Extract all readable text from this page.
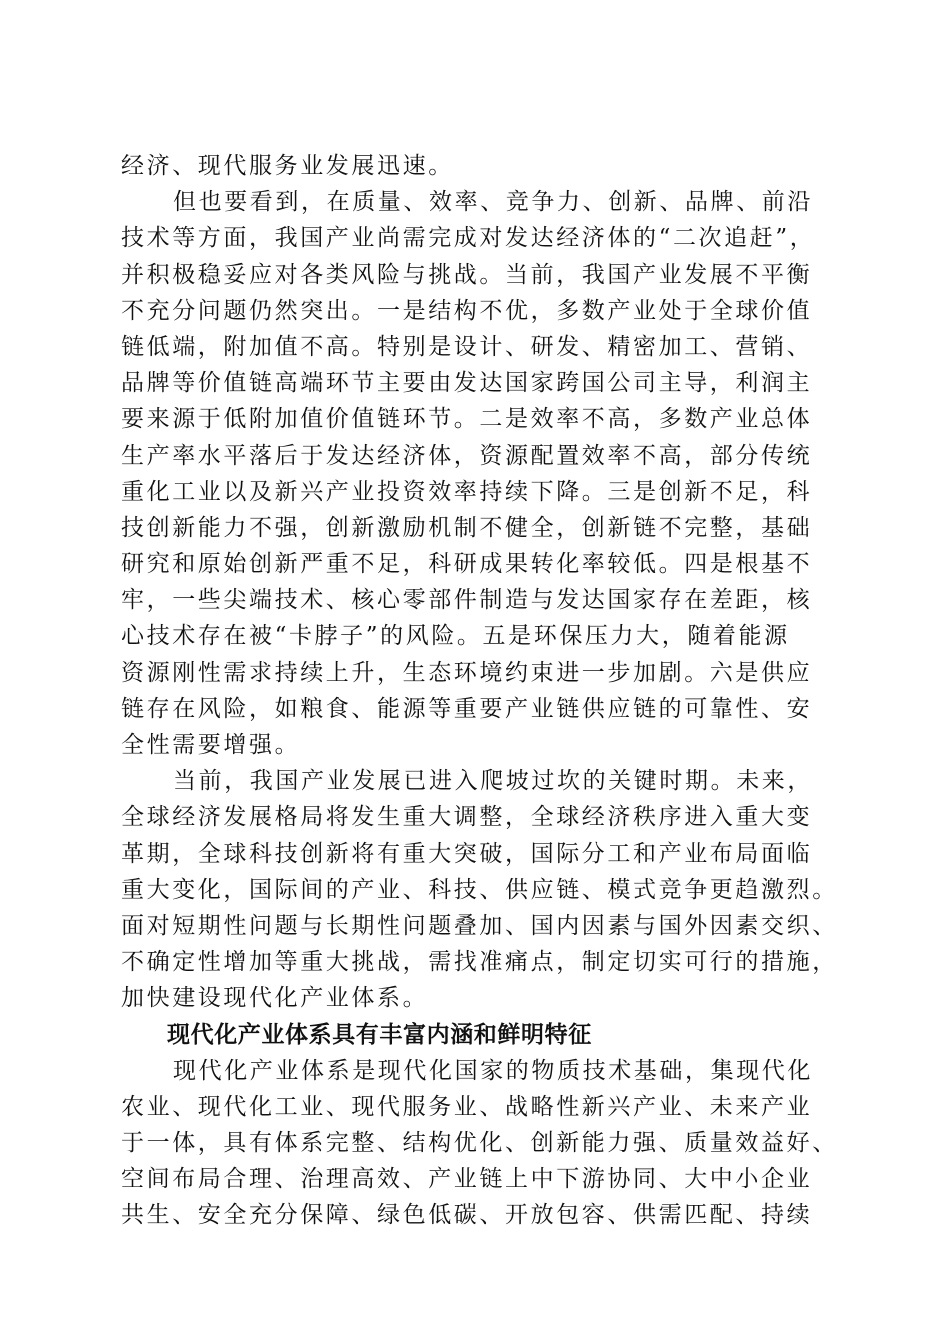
经济、现代服务业发展迅速。
但也要看到，在质量、效率、竞争力、创新、品牌、前沿
技术等方面，我国产业尚需完成对发达经济体的“二次追赶”，
并积极稳妥应对各类风险与挑战。当前，我国产业发展不平衡
不充分问题仍然突出。一是结构不优，多数产业处于全球价值
链低端，附加值不高。特别是设计、研发、精密加工、营销、
品牌等价值链高端环节主要由发达国家跨国公司主导，利润主
要来源于低附加值价值链环节。二是效率不高，多数产业总体
生产率水平落后于发达经济体，资源配置效率不高，部分传统
重化工业以及新兴产业投资效率持续下降。三是创新不足，科
技创新能力不强，创新激励机制不健全，创新链不完整，基础
研究和原始创新严重不足，科研成果转化率较低。四是根基不
牢，一些尖端技术、核心零部件制造与发达国家存在差距，核
心技术存在被“卡脖子”的风险。五是环保压力大，随着能源
资源刚性需求持续上升，生态环境约束进一步加剧。六是供应
链存在风险，如粮食、能源等重要产业链供应链的可靠性、安
全性需要增强。
当前，我国产业发展已进入爬坡过坎的关键时期。未来，
全球经济发展格局将发生重大调整，全球经济秩序进入重大变
革期，全球科技创新将有重大突破，国际分工和产业布局面临
重大变化，国际间的产业、科技、供应链、模式竞争更趋激烈。
面对短期性问题与长期性问题叠加、国内因素与国外因素交织、
不确定性增加等重大挑战，需找准痛点，制定切实可行的措施，
加快建设现代化产业体系。
现代化产业体系具有丰富内涵和鲜明特征
现代化产业体系是现代化国家的物质技术基础，集现代化
农业、现代化工业、现代服务业、战略性新兴产业、未来产业
于一体，具有体系完整、结构优化、创新能力强、质量效益好、
空间布局合理、治理高效、产业链上中下游协同、大中小企业
共生、安全充分保障、绿色低碳、开放包容、供需匹配、持续
